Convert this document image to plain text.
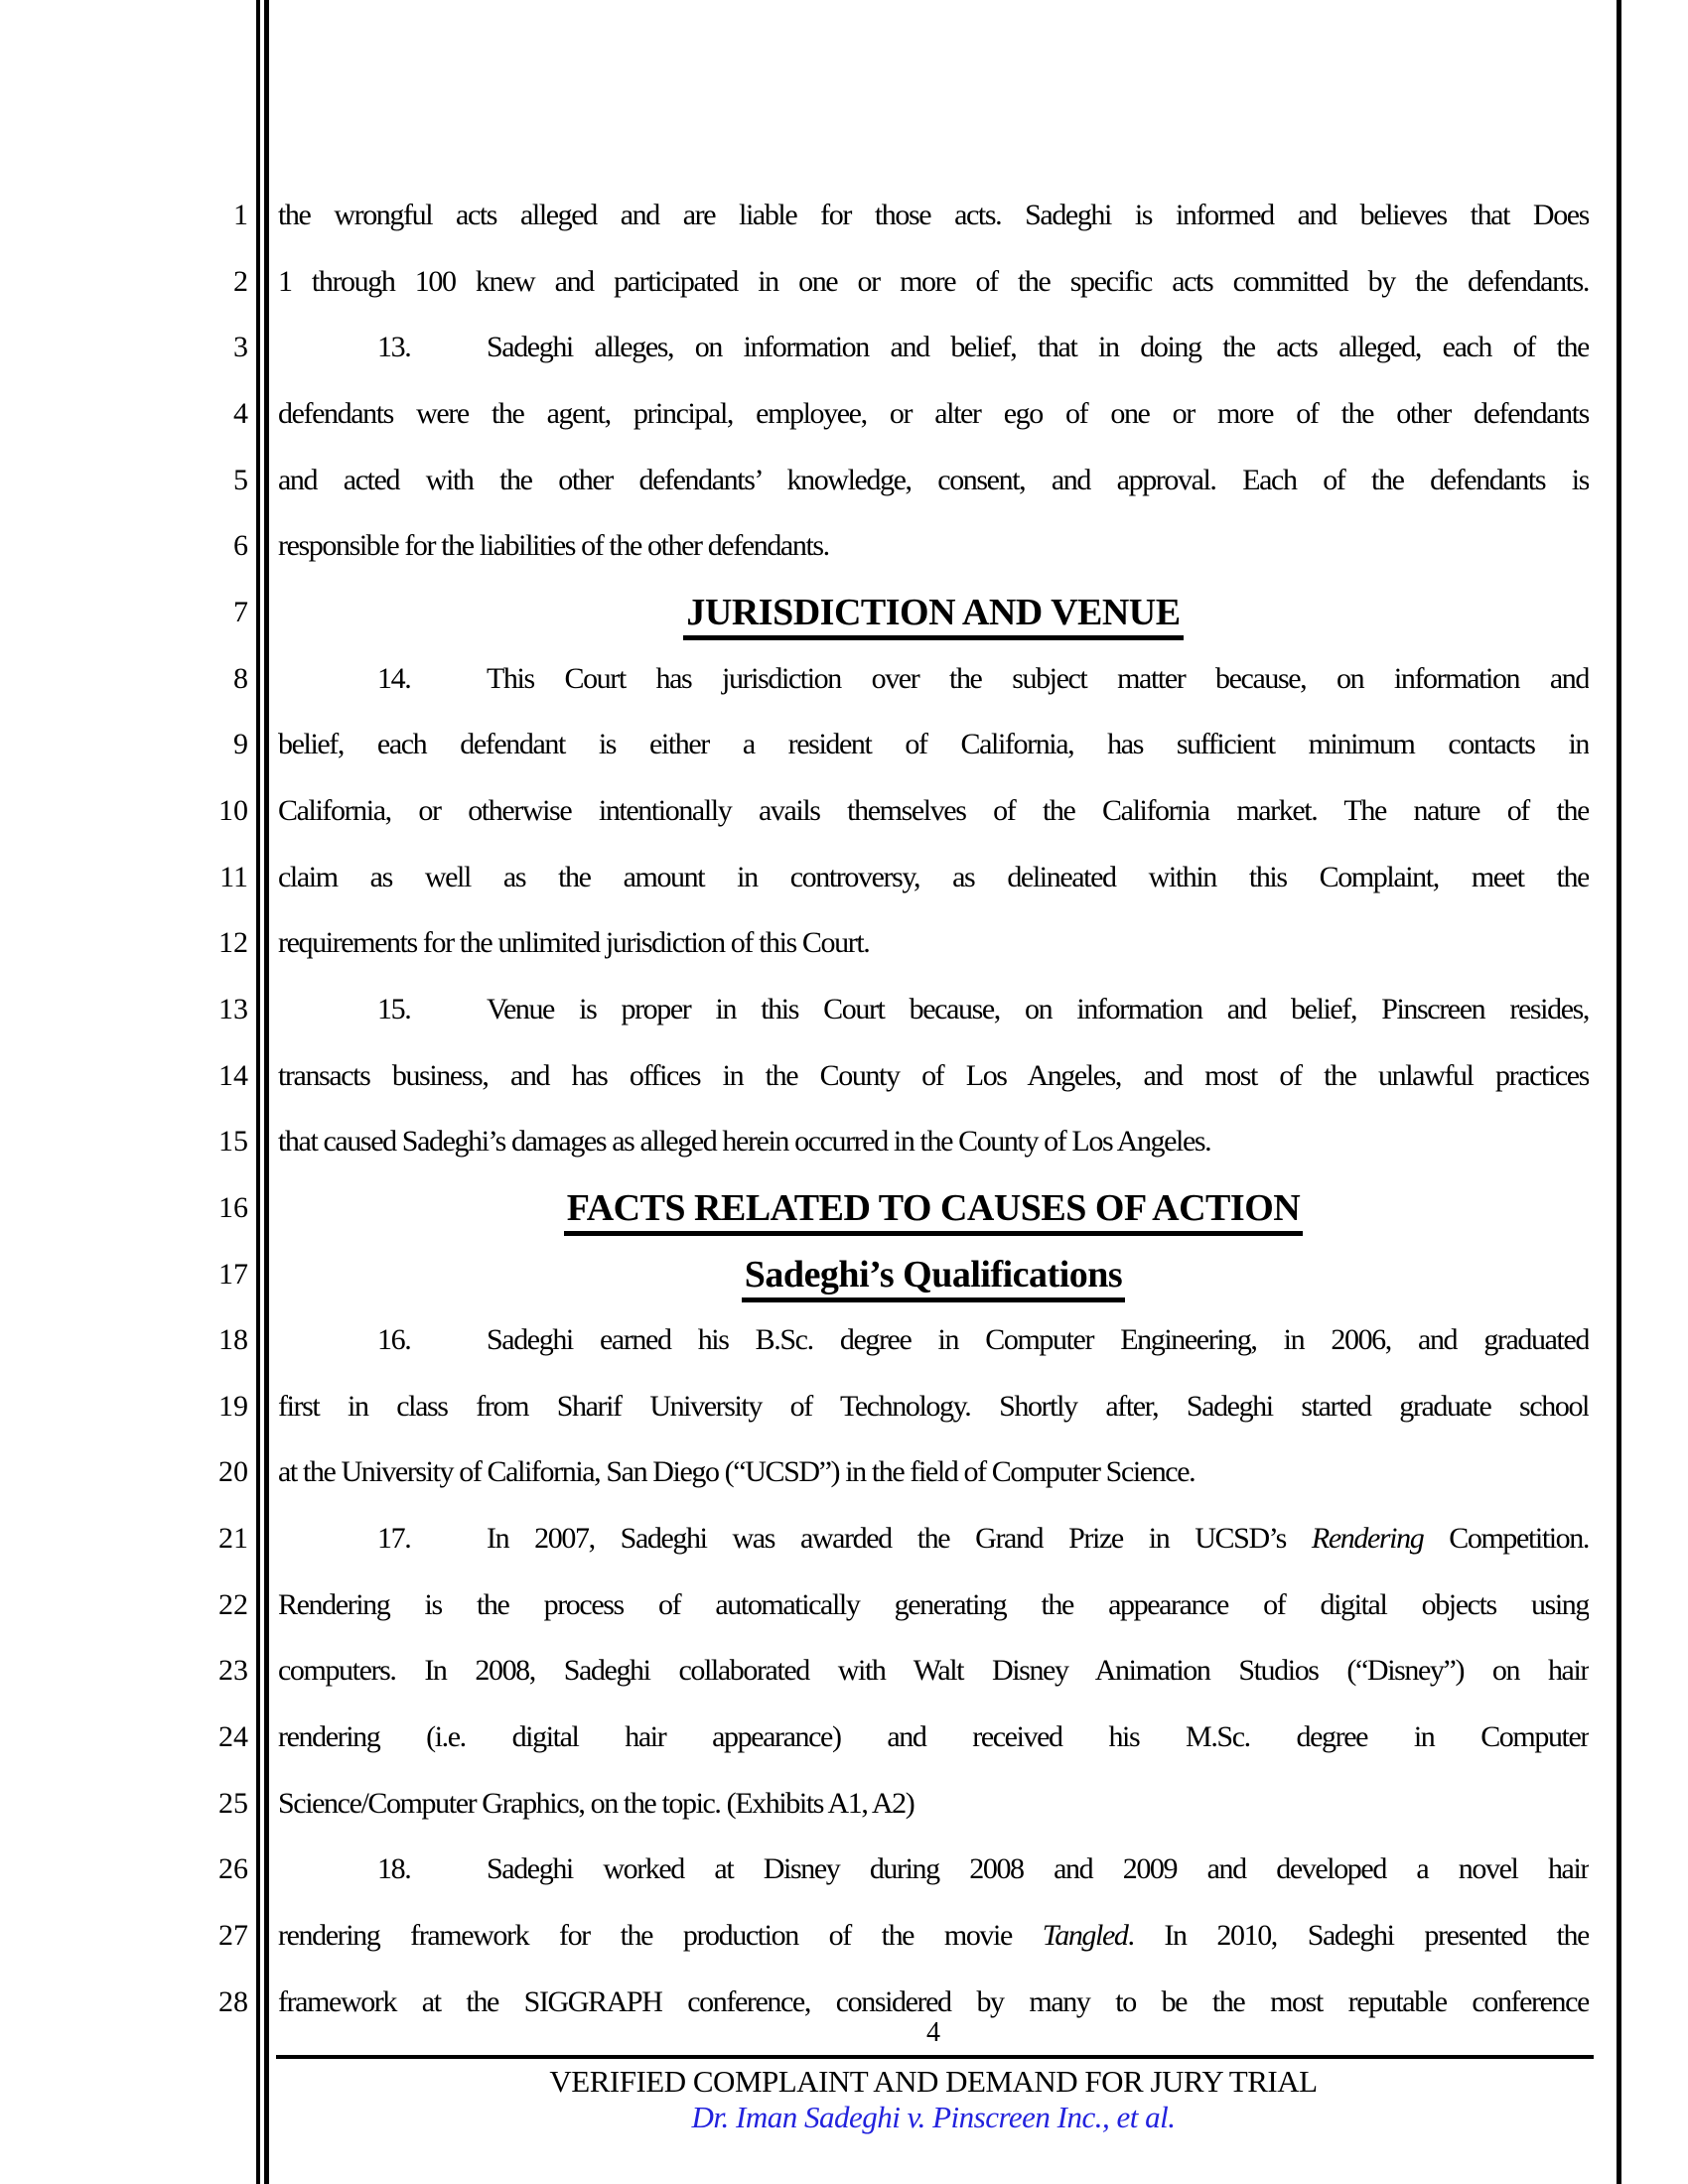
1
2
3
4
5
6
7
8
9
10
11
12
13
14
15
16
17
18
19
20
21
22
23
24
25
26
27
28
the wrongful acts alleged and are liable for those acts. Sadeghi is informed and believes that Does
1 through 100 knew and participated in one or more of the specific acts committed by the defendants.
13.	Sadeghi alleges, on information and belief, that in doing the acts alleged, each of the
defendants were the agent, principal, employee, or alter ego of one or more of the other defendants
and acted with the other defendants’ knowledge, consent, and approval. Each of the defendants is
responsible for the liabilities of the other defendants.
JURISDICTION AND VENUE
14.	This Court has jurisdiction over the subject matter because, on information and
belief, each defendant is either a resident of California, has sufficient minimum contacts in
California, or otherwise intentionally avails themselves of the California market. The nature of the
claim as well as the amount in controversy, as delineated within this Complaint, meet the
requirements for the unlimited jurisdiction of this Court.
15.	Venue is proper in this Court because, on information and belief, Pinscreen resides,
transacts business, and has offices in the County of Los Angeles, and most of the unlawful practices
that caused Sadeghi’s damages as alleged herein occurred in the County of Los Angeles.
FACTS RELATED TO CAUSES OF ACTION
Sadeghi’s Qualifications
16.	Sadeghi earned his B.Sc. degree in Computer Engineering, in 2006, and graduated
first in class from Sharif University of Technology. Shortly after, Sadeghi started graduate school
at the University of California, San Diego (“UCSD”) in the field of Computer Science.
17.	In 2007, Sadeghi was awarded the Grand Prize in UCSD’s Rendering Competition.
Rendering is the process of automatically generating the appearance of digital objects using
computers. In 2008, Sadeghi collaborated with Walt Disney Animation Studios (“Disney”) on hair
rendering (i.e. digital hair appearance) and received his M.Sc. degree in Computer
Science/Computer Graphics, on the topic. (Exhibits A1, A2)
18.	Sadeghi worked at Disney during 2008 and 2009 and developed a novel hair
rendering framework for the production of the movie Tangled. In 2010, Sadeghi presented the
framework at the SIGGRAPH conference, considered by many to be the most reputable conference
4
VERIFIED COMPLAINT AND DEMAND FOR JURY TRIAL
Dr. Iman Sadeghi v. Pinscreen Inc., et al.
